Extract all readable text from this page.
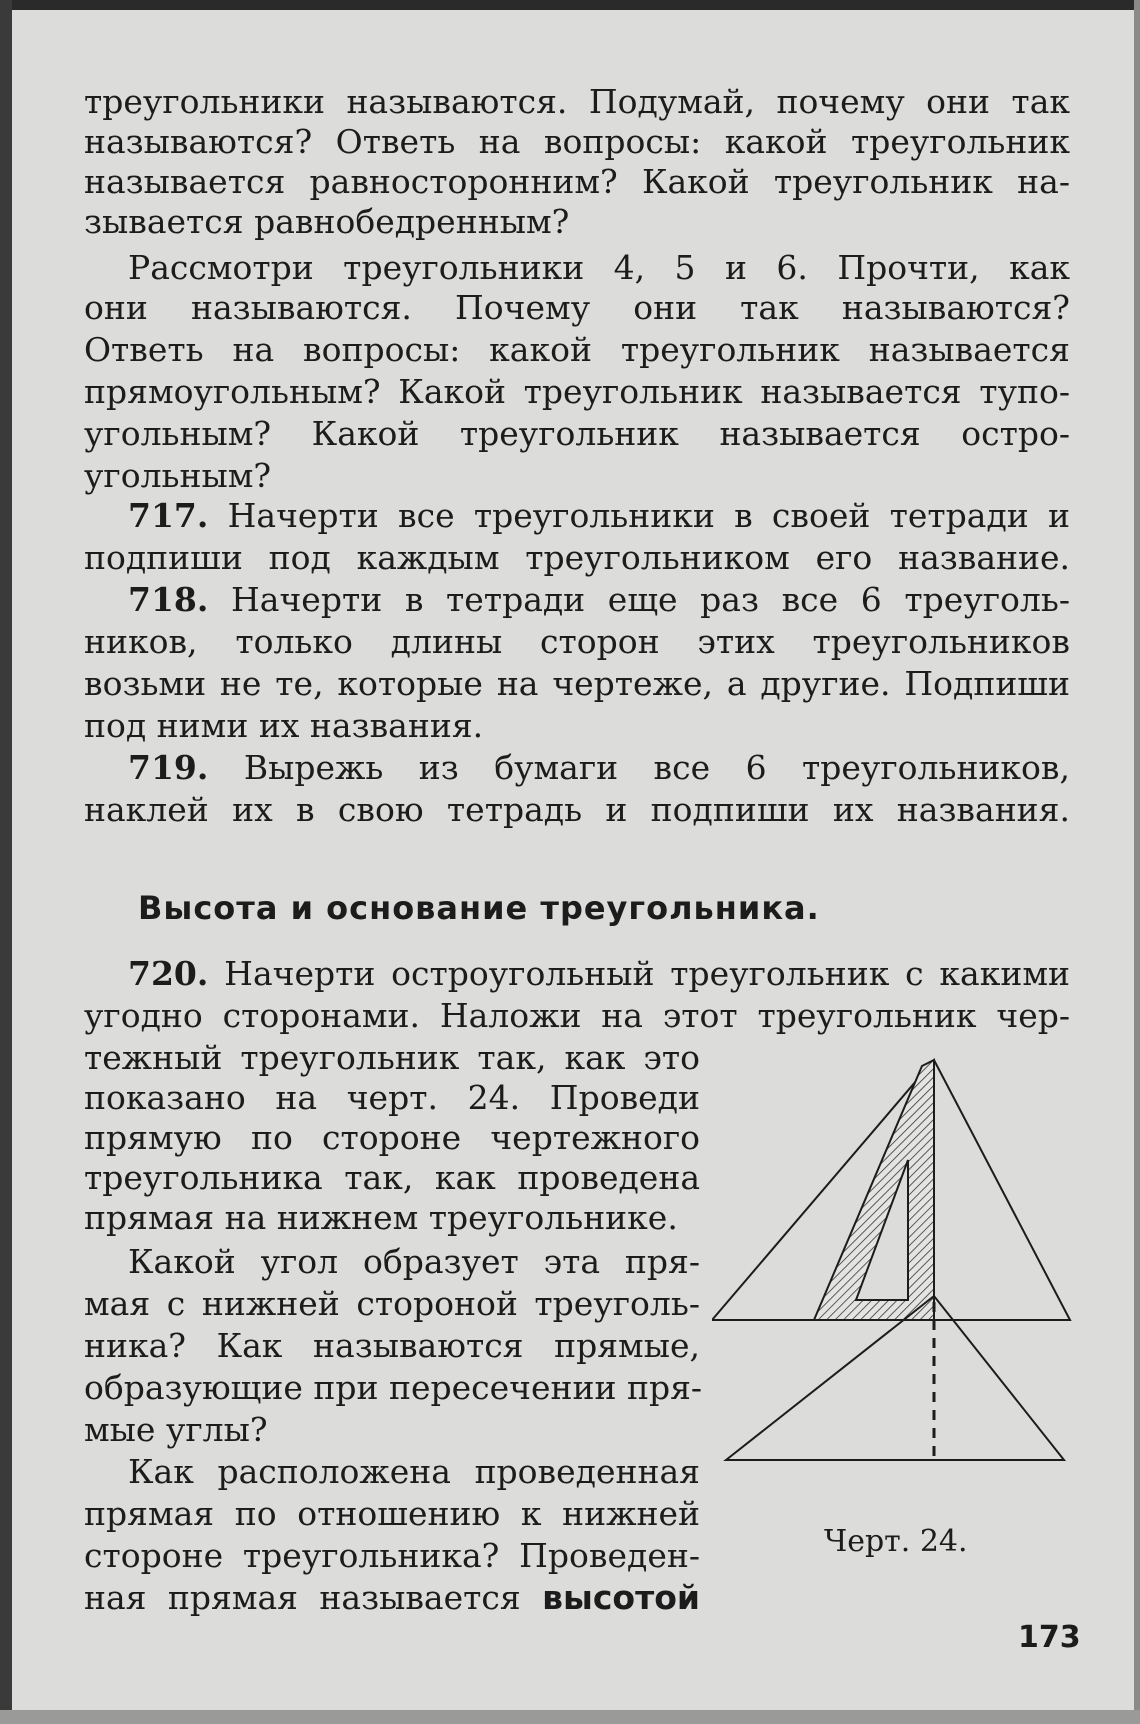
треугольники называются. Подумай, почему они так
называются? Ответь на вопросы: какой треугольник
называется равносторонним? Какой треугольник на-
зывается равнобедренным?
Рассмотри треугольники 4, 5 и 6. Прочти, как
они называются. Почему они так называются?
Ответь на вопросы: какой треугольник называется
прямоугольным? Какой треугольник называется тупо-
угольным? Какой треугольник называется остро-
угольным?
717. Начерти все треугольники в своей тетради и
подпиши под каждым треугольником его название.
718. Начерти в тетради еще раз все 6 треуголь-
ников, только длины сторон этих треугольников
возьми не те, которые на чертеже, а другие. Подпиши
под ними их названия.
719. Вырежь из бумаги все 6 треугольников,
наклей их в свою тетрадь и подпиши их названия.
Высота и основание треугольника.
720. Начерти остроугольный треугольник с какими
угодно сторонами. Наложи на этот треугольник чер-
тежный треугольник так, как это
показано на черт. 24. Проведи
прямую по стороне чертежного
треугольника так, как проведена
прямая на нижнем треугольнике.
Какой угол образует эта пря-
мая с нижней стороной треуголь-
ника? Как называются прямые,
образующие при пересечении пря-
мые углы?
Как расположена проведенная
прямая по отношению к нижней
стороне треугольника? Проведен-
ная прямая называется высотой
Черт. 24.
173
